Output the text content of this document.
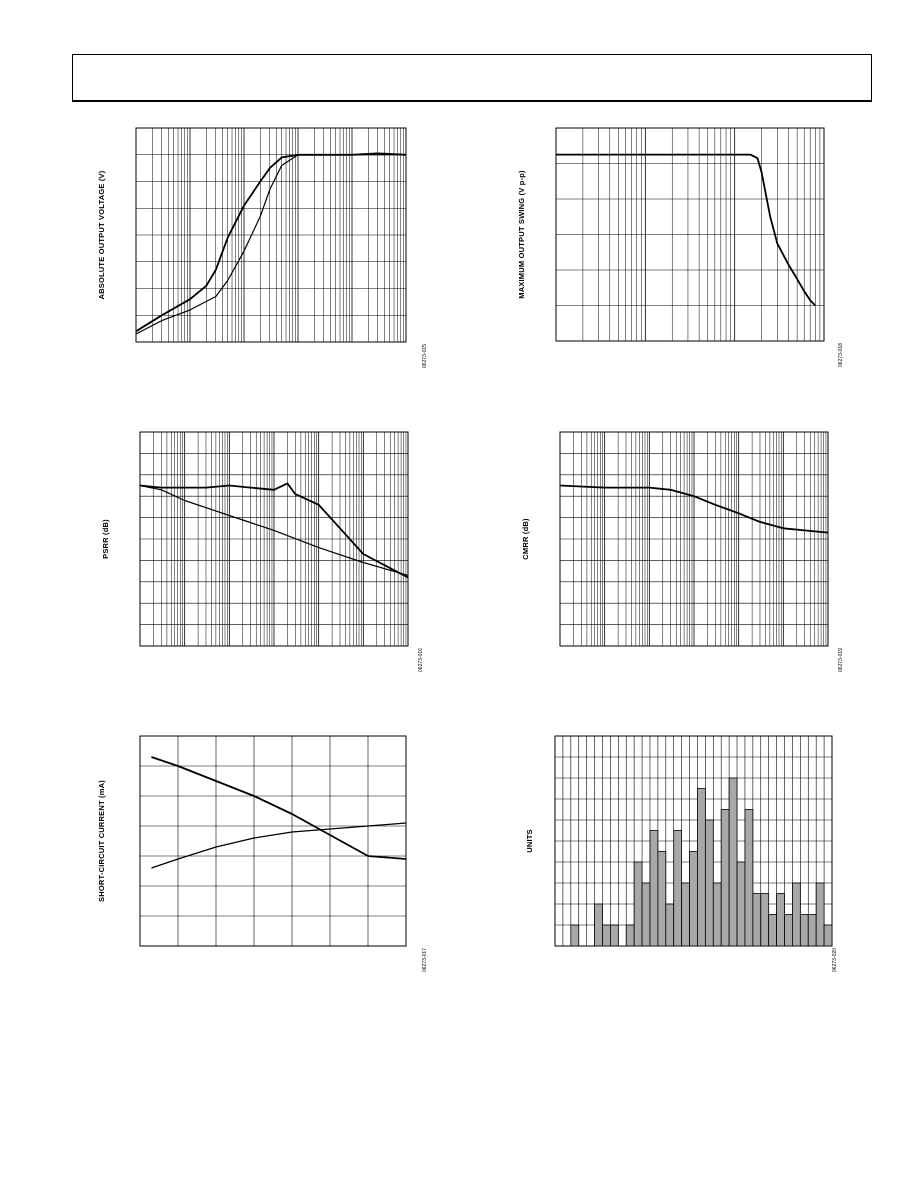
ABSOLUTE OUTPUT VOLTAGE (V)
06273-015
MAXIMUM OUTPUT SWING (V p-p)
06273-018
PSRR (dB)
06273-016
CMRR (dB)
06273-019
SHORT-CIRCUIT CURRENT (mA)
06273-017
UNITS
06273-020
